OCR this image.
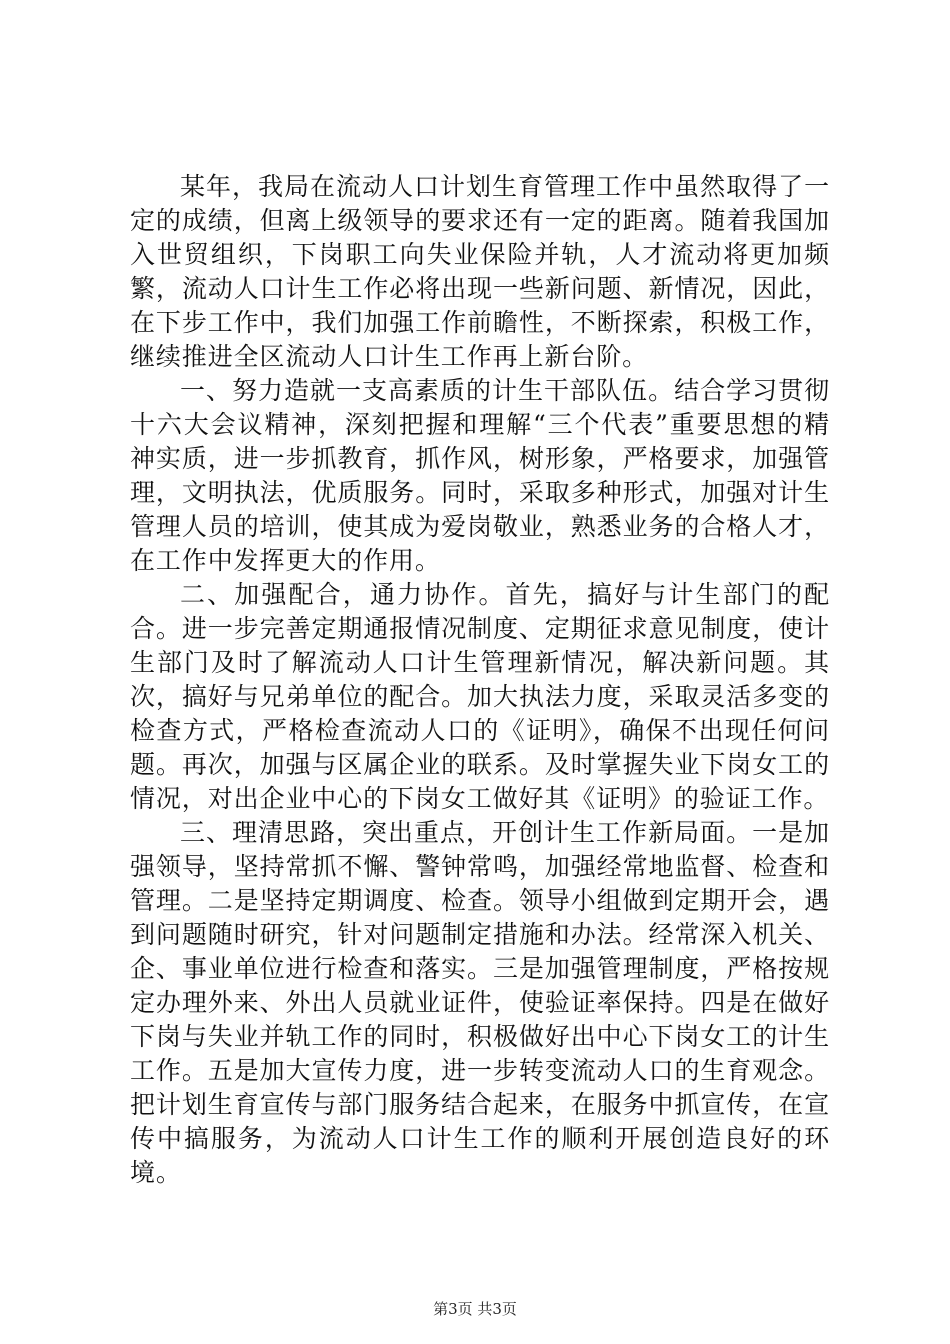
某年，我局在流动人口计划生育管理工作中虽然取得了一定的成绩，但离上级领导的要求还有一定的距离。随着我国加入世贸组织，下岗职工向失业保险并轨，人才流动将更加频繁，流动人口计生工作必将出现一些新问题、新情况，因此，在下步工作中，我们加强工作前瞻性，不断探索，积极工作，继续推进全区流动人口计生工作再上新台阶。

一、努力造就一支高素质的计生干部队伍。结合学习贯彻十六大会议精神，深刻把握和理解“三个代表”重要思想的精神实质，进一步抓教育，抓作风，树形象，严格要求，加强管理，文明执法，优质服务。同时，采取多种形式，加强对计生管理人员的培训，使其成为爱岗敬业，熟悉业务的合格人才，在工作中发挥更大的作用。

二、加强配合，通力协作。首先，搞好与计生部门的配合。进一步完善定期通报情况制度、定期征求意见制度，使计生部门及时了解流动人口计生管理新情况，解决新问题。其次，搞好与兄弟单位的配合。加大执法力度，采取灵活多变的检查方式，严格检查流动人口的《证明》，确保不出现任何问题。再次，加强与区属企业的联系。及时掌握失业下岗女工的情况，对出企业中心的下岗女工做好其《证明》的验证工作。

三、理清思路，突出重点，开创计生工作新局面。一是加强领导，坚持常抓不懈、警钟常鸣，加强经常地监督、检查和管理。二是坚持定期调度、检查。领导小组做到定期开会，遇到问题随时研究，针对问题制定措施和办法。经常深入机关、企、事业单位进行检查和落实。三是加强管理制度，严格按规定办理外来、外出人员就业证件，使验证率保持。四是在做好下岗与失业并轨工作的同时，积极做好出中心下岗女工的计生工作。五是加大宣传力度，进一步转变流动人口的生育观念。把计划生育宣传与部门服务结合起来，在服务中抓宣传，在宣传中搞服务，为流动人口计生工作的顺利开展创造良好的环境。

第3页 共3页
